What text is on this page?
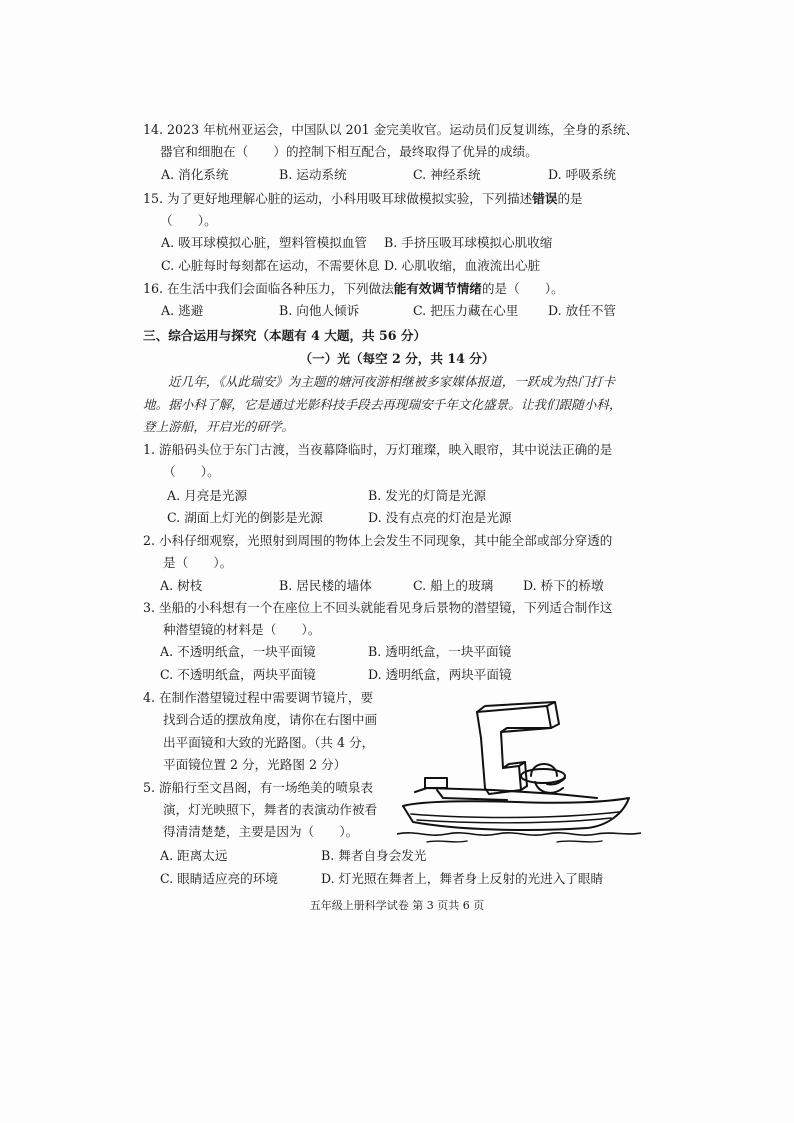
14. 2023 年杭州亚运会，中国队以 201 金完美收官。运动员们反复训练，全身的系统、
器官和细胞在（　　）的控制下相互配合，最终取得了优异的成绩。
A. 消化系统	B. 运动系统	C. 神经系统	D. 呼吸系统
15. 为了更好地理解心脏的运动，小科用吸耳球做模拟实验，下列描述错误的是
（　　）。
A. 吸耳球模拟心脏，塑料管模拟血管 B. 手挤压吸耳球模拟心肌收缩
C. 心脏每时每刻都在运动，不需要休息 D. 心肌收缩，血液流出心脏
16. 在生活中我们会面临各种压力，下列做法能有效调节情绪的是（　　）。
A. 逃避	B. 向他人倾诉	C. 把压力藏在心里 D. 放任不管
三、综合运用与探究（本题有 4 大题，共 56 分）
（一）光（每空 2 分，共 14 分）
近几年，《从此瑞安》为主题的塘河夜游相继被多家媒体报道，一跃成为热门打卡
地。据小科了解，它是通过光影科技手段去再现瑞安千年文化盛景。让我们跟随小科，
登上游船，开启光的研学。
1. 游船码头位于东门古渡，当夜幕降临时，万灯璀璨，映入眼帘，其中说法正确的是
（　　）。
A. 月亮是光源	B. 发光的灯筒是光源
C. 湖面上灯光的倒影是光源	D. 没有点亮的灯泡是光源
2. 小科仔细观察，光照射到周围的物体上会发生不同现象，其中能全部或部分穿透的
是（　　）。
A. 树枝	B. 居民楼的墙体	C. 船上的玻璃 D. 桥下的桥墩
3. 坐船的小科想有一个在座位上不回头就能看见身后景物的潜望镜，下列适合制作这
种潜望镜的材料是（　　）。
A. 不透明纸盒，一块平面镜	B. 透明纸盒，一块平面镜
C. 不透明纸盒，两块平面镜	D. 透明纸盒，两块平面镜
4. 在制作潜望镜过程中需要调节镜片，要
找到合适的摆放角度，请你在右图中画
出平面镜和大致的光路图。（共 4 分，
平面镜位置 2 分，光路图 2 分）
5. 游船行至文昌阁，有一场绝美的喷泉表
演，灯光映照下，舞者的表演动作被看
得清清楚楚，主要是因为（　　）。
A. 距离太远	B. 舞者自身会发光
C. 眼睛适应亮的环境	D. 灯光照在舞者上，舞者身上反射的光进入了眼睛
五年级上册科学试卷 第 3 页共 6 页
